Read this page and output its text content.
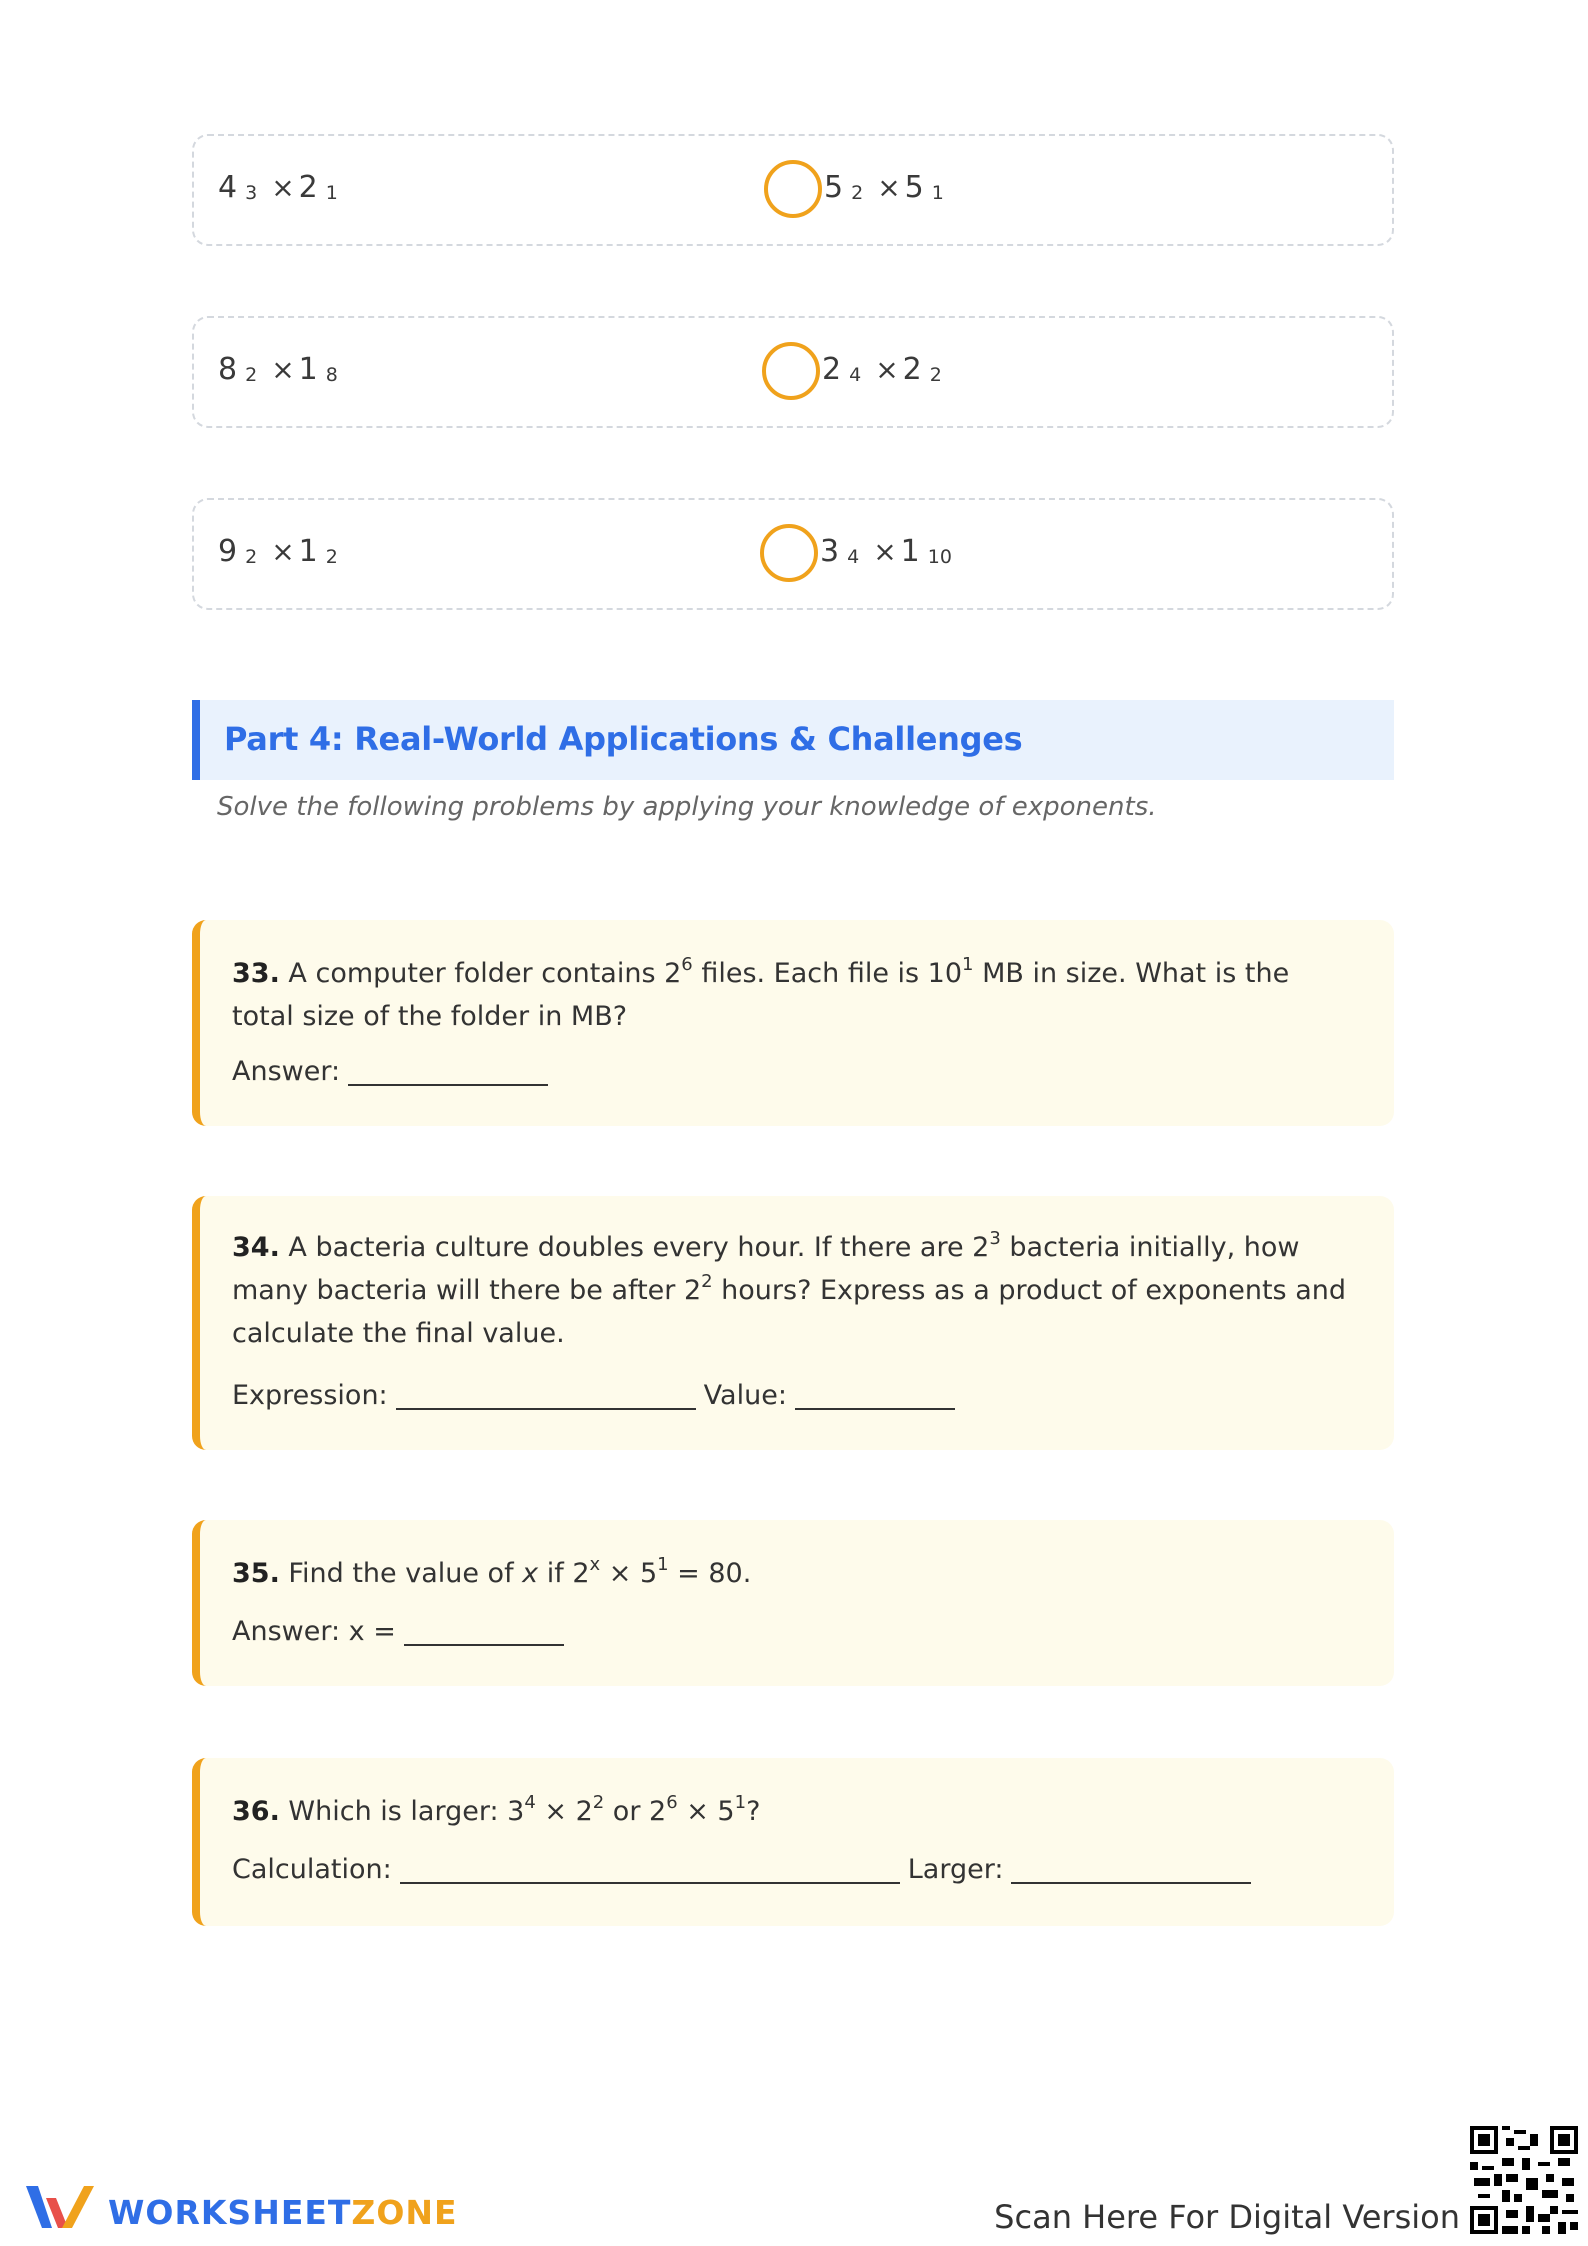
4 3 × 2 1	5 2 × 5 1
8 2 × 1 8	2 4 × 2 2
9 2 × 1 2	3 4 × 1 10
Part 4: Real-World Applications & Challenges
Solve the following problems by applying your knowledge of exponents.
33. A computer folder contains $2^6$ files. Each file is $10^1$ MB in size. What is the total size of the folder in MB?
Answer:
34. A bacteria culture doubles every hour. If there are $2^3$ bacteria initially, how many bacteria will there be after $2^2$ hours? Express as a product of exponents and calculate the final value.
Expression:	Value:
35. Find the value of x if $2^x \times 5^1 = 80$.
Answer: x =
36. Which is larger: $3^4 \times 2^2$ or $2^6 \times 5^1$?
Calculation:	Larger:
WORKSHEETZONE	Scan Here For Digital Version
